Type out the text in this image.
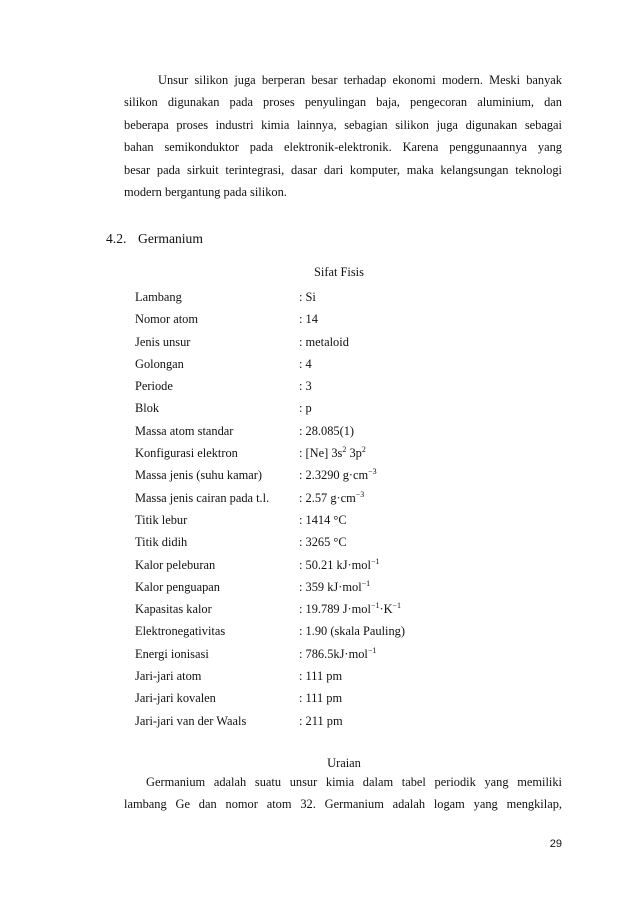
Unsur silikon juga berperan besar terhadap ekonomi modern. Meski banyak
silikon digunakan pada proses penyulingan baja, pengecoran aluminium, dan
beberapa proses industri kimia lainnya, sebagian silikon juga digunakan sebagai
bahan semikonduktor pada elektronik-elektronik. Karena penggunaannya yang
besar pada sirkuit terintegrasi, dasar dari komputer, maka kelangsungan teknologi
modern bergantung pada silikon.
4.2. Germanium
Sifat Fisis
Lambang	: Si
Nomor atom	: 14
Jenis unsur	: metaloid
Golongan	: 4
Periode	: 3
Blok	: p
Massa atom standar	: 28.085(1)
Konfigurasi elektron	: [Ne] $3s^2$ $3p^2$
Massa jenis (suhu kamar)	: 2.3290 $g\cdot cm^{-3}$
Massa jenis cairan pada t.l.	: 2.57 $g\cdot cm^{-3}$
Titik lebur	: 1414 °C
Titik didih	: 3265 °C
Kalor peleburan	: 50.21 kJ·mol$^{-1}$
Kalor penguapan	: 359 kJ·mol$^{-1}$
Kapasitas kalor	: 19.789 $J\cdot mol^{-1}\cdot K^{-1}$
Elektronegativitas	: 1.90 (skala Pauling)
Energi ionisasi	: 786.5kJ·mol$^{-1}$
Jari-jari atom	: 111 pm
Jari-jari kovalen	: 111 pm
Jari-jari van der Waals	: 211 pm
Uraian
Germanium adalah suatu unsur kimia dalam tabel periodik yang memiliki
lambang Ge dan nomor atom 32. Germanium adalah logam yang mengkilap,
29
